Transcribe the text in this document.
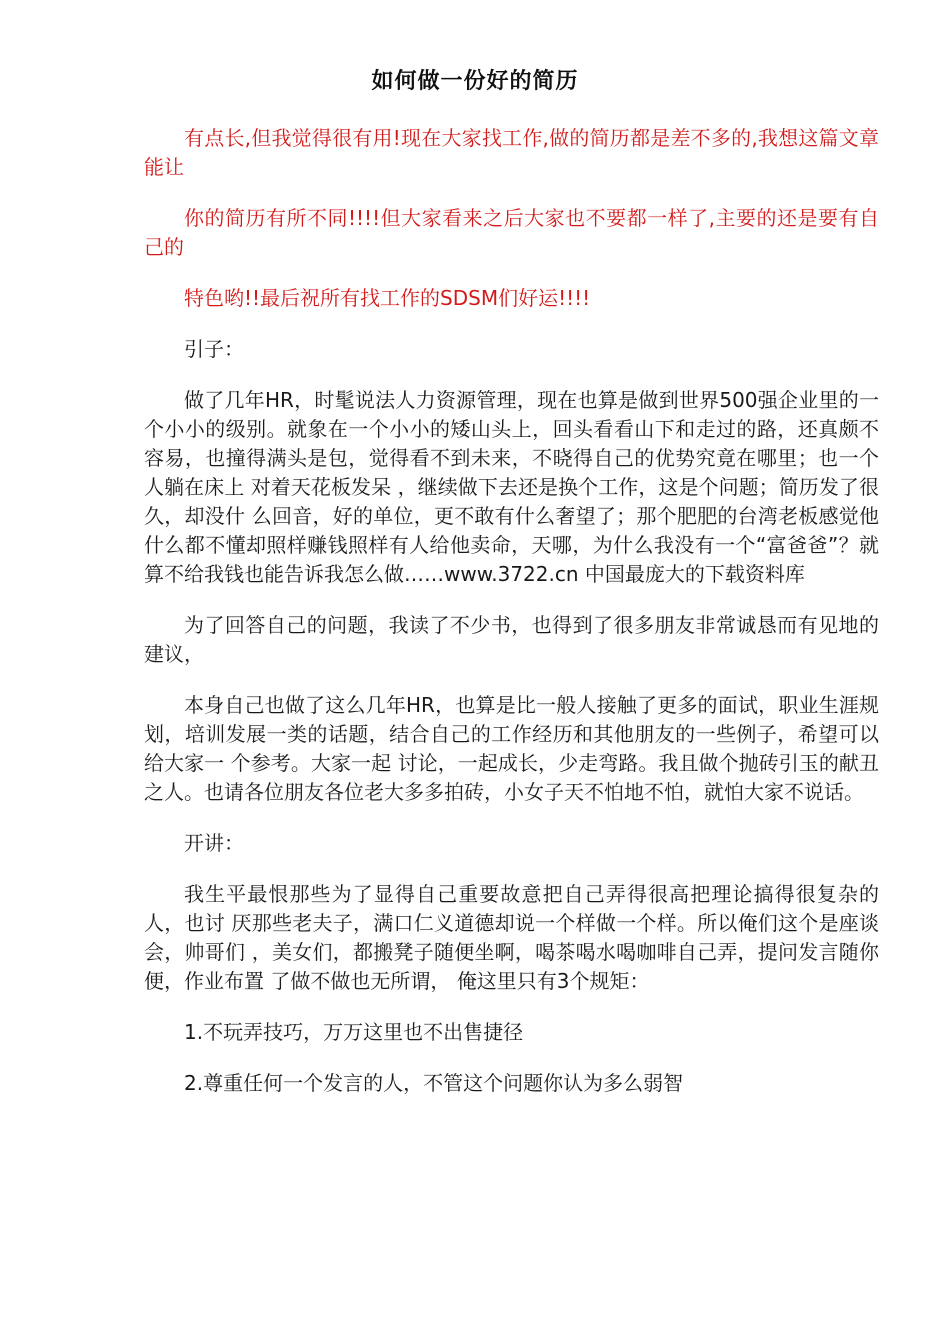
如何做一份好的简历

有点长,但我觉得很有用!现在大家找工作,做的简历都是差不多的,我想这篇文章能让

你的简历有所不同!!!!但大家看来之后大家也不要都一样了,主要的还是要有自己的

特色哟!!最后祝所有找工作的SDSM们好运!!!!

引子：

做了几年HR，时髦说法人力资源管理，现在也算是做到世界500强企业里的一个小小的级别。就象在一个小小的矮山头上，回头看看山下和走过的路，还真颇不容易，也撞得满头是包，觉得看不到未来，不晓得自己的优势究竟在哪里；也一个人躺在床上 对着天花板发呆 ，继续做下去还是换个工作，这是个问题；简历发了很久，却没什 么回音，好的单位，更不敢有什么奢望了；那个肥肥的台湾老板感觉他什么都不懂却照样赚钱照样有人给他卖命，天哪，为什么我没有一个“富爸爸”？就算不给我钱也能告诉我怎么做……www.3722.cn 中国最庞大的下载资料库

为了回答自己的问题，我读了不少书，也得到了很多朋友非常诚恳而有见地的建议，

本身自己也做了这么几年HR，也算是比一般人接触了更多的面试，职业生涯规划，培训发展一类的话题，结合自己的工作经历和其他朋友的一些例子，希望可以给大家一 个参考。大家一起 讨论，一起成长，少走弯路。我且做个抛砖引玉的献丑之人。也请各位朋友各位老大多多拍砖，小女子天不怕地不怕，就怕大家不说话。

开讲：

我生平最恨那些为了显得自己重要故意把自己弄得很高把理论搞得很复杂的人，也讨 厌那些老夫子，满口仁义道德却说一个样做一个样。所以俺们这个是座谈会，帅哥们 ，美女们，都搬凳子随便坐啊，喝茶喝水喝咖啡自己弄，提问发言随你便，作业布置 了做不做也无所谓， 俺这里只有3个规矩：

1.不玩弄技巧，万万这里也不出售捷径

2.尊重任何一个发言的人，不管这个问题你认为多么弱智
